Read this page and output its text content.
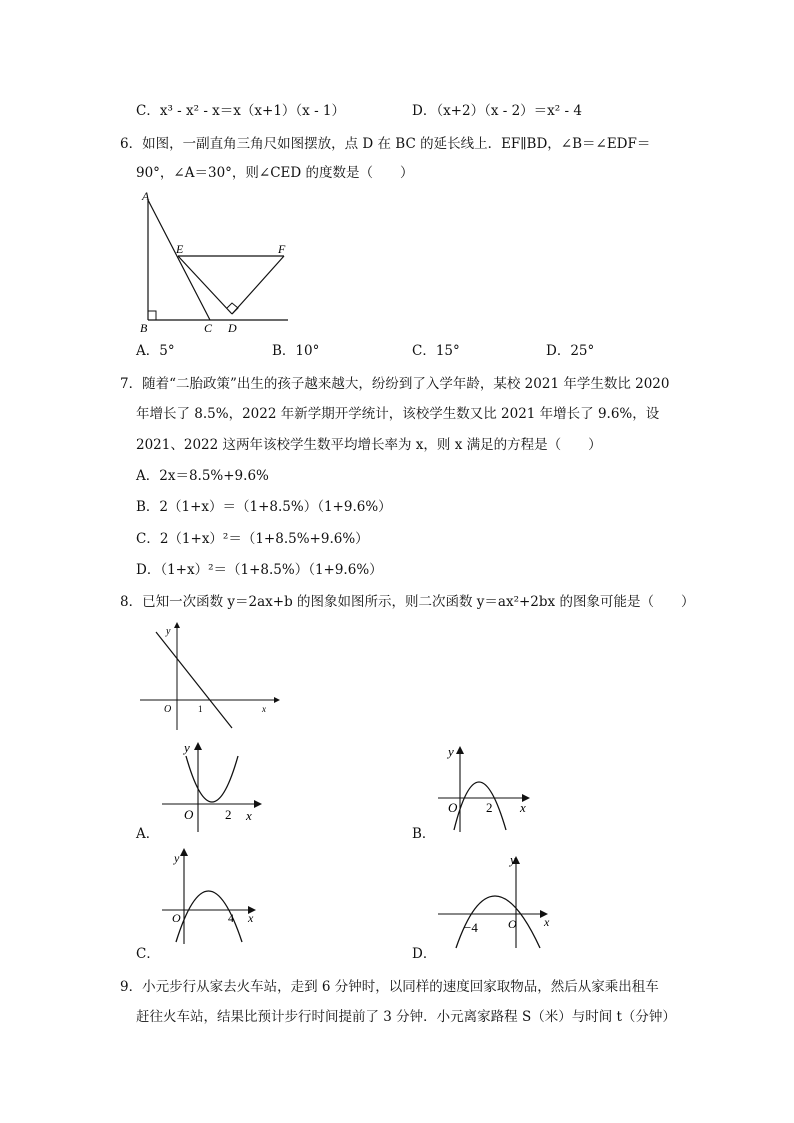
C．x³ - x² - x＝x（x+1）（x - 1）	D．（x+2）（x - 2）＝x² - 4
6．如图，一副直角三角尺如图摆放，点 D 在 BC 的延长线上．EF∥BD，∠B＝∠EDF＝
90°，∠A＝30°，则∠CED 的度数是（　　）
A
B	C D
E	F
A．5°	B．10°	C．15°	D．25°
7．随着“二胎政策”出生的孩子越来越大，纷纷到了入学年龄，某校 2021 年学生数比 2020
年增长了 8.5%，2022 年新学期开学统计，该校学生数又比 2021 年增长了 9.6%，设
2021、2022 这两年该校学生数平均增长率为 x，则 x 满足的方程是（　　）
A．2x＝8.5%+9.6%
B．2（1+x）＝（1+8.5%）（1+9.6%）
C．2（1+x）²＝（1+8.5%+9.6%）
D．（1+x）²＝（1+8.5%）（1+9.6%）
8．已知一次函数 y＝2ax+b 的图象如图所示，则二次函数 y＝ax²+2bx 的图象可能是（　　）
y
x
O	1
y
x
O 2
A．
y
x
O 2
B．
y
x
O	4
C．
y
x
O
−4
D．
9．小元步行从家去火车站，走到 6 分钟时，以同样的速度回家取物品，然后从家乘出租车
赶往火车站，结果比预计步行时间提前了 3 分钟．小元离家路程 S（米）与时间 t（分钟）
